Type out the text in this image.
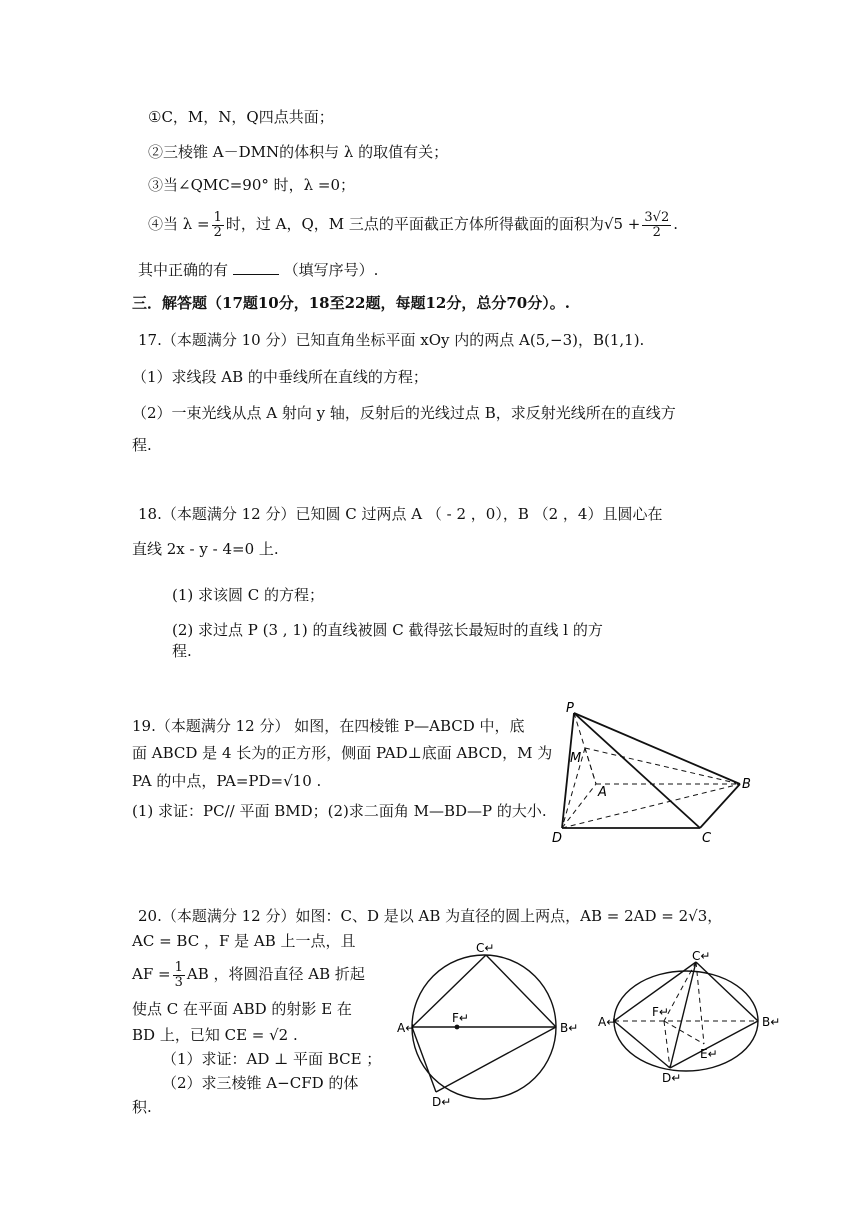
①C，M，N，Q四点共面；
②三棱锥 A－DMN的体积与 λ 的取值有关；
③当∠QMC=90° 时，λ =0；
④当 $\lambda = \frac{1}{2}$ 时，过 A，Q，M 三点的平面截正方体所得截面的面积为$√5 + \frac{3√2}{2}$ .
其中正确的有	（填写序号）.
三．解答题（17题10分，18至22题，每题12分，总分70分）。.
17.（本题满分 10 分）已知直角坐标平面 xOy 内的两点 A(5,−3)，B(1,1).
（1）求线段 AB 的中垂线所在直线的方程；
（2）一束光线从点 A 射向 y 轴，反射后的光线过点 B，求反射光线所在的直线方
程.
18.（本题满分 12 分）已知圆 C 过两点 A （ - 2 ，0），B （2 ，4）且圆心在
直线 2x - y - 4=0 上.
(1) 求该圆 C 的方程；
(2) 求过点 P (3 , 1) 的直线被圆 C 截得弦长最短时的直线 l 的方
程.
19.（本题满分 12 分） 如图，在四棱锥 P—ABCD 中，底
面 ABCD 是 4 长为的正方形，侧面 PAD⊥底面 ABCD，M 为
PA 的中点，PA=PD=√10 .
(1) 求证：PC// 平面 BMD；(2)求二面角 M—BD—P 的大小.
P
M
A
B
C
D
20.（本题满分 12 分）如图：C、D 是以 AB 为直径的圆上两点，AB = 2AD = 2√3，
AC = BC ，F 是 AB 上一点，且
AF = $\frac{1}{3}$ AB ，将圆沿直径 AB 折起
使点 C 在平面 ABD 的射影 E 在
BD 上，已知 CE = √2 .
（1）求证：AD ⊥ 平面 BCE ；
（2）求三棱锥 A−CFD 的体
积.
C↵
A↵	B↵
F↵
D↵
C↵
A↵	B↵
F↵
E↵
D↵
